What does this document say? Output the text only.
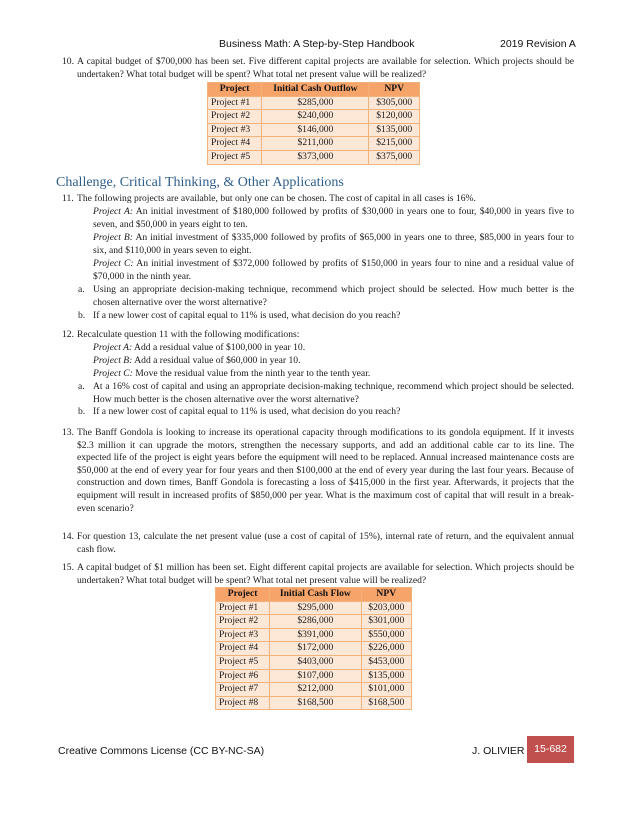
Business Math: A Step-by-Step Handbook	2019 Revision A
10. A capital budget of $700,000 has been set. Five different capital projects are available for selection. Which projects should be undertaken? What total budget will be spent? What total net present value will be realized?
Project	Initial Cash Outflow	NPV
Project #1	$285,000	$305,000
Project #2	$240,000	$120,000
Project #3	$146,000	$135,000
Project #4	$211,000	$215,000
Project #5	$373,000	$375,000
Challenge, Critical Thinking, & Other Applications
11. The following projects are available, but only one can be chosen. The cost of capital in all cases is 16%.
Project A: An initial investment of $180,000 followed by profits of $30,000 in years one to four, $40,000 in years five to seven, and $50,000 in years eight to ten.
Project B: An initial investment of $335,000 followed by profits of $65,000 in years one to three, $85,000 in years four to six, and $110,000 in years seven to eight.
Project C: An initial investment of $372,000 followed by profits of $150,000 in years four to nine and a residual value of $70,000 in the ninth year.
a. Using an appropriate decision-making technique, recommend which project should be selected. How much better is the chosen alternative over the worst alternative?
b. If a new lower cost of capital equal to 11% is used, what decision do you reach?
12. Recalculate question 11 with the following modifications:
Project A: Add a residual value of $100,000 in year 10.
Project B: Add a residual value of $60,000 in year 10.
Project C: Move the residual value from the ninth year to the tenth year.
a. At a 16% cost of capital and using an appropriate decision-making technique, recommend which project should be selected. How much better is the chosen alternative over the worst alternative?
b. If a new lower cost of capital equal to 11% is used, what decision do you reach?
13. The Banff Gondola is looking to increase its operational capacity through modifications to its gondola equipment. If it invests $2.3 million it can upgrade the motors, strengthen the necessary supports, and add an additional cable car to its line. The expected life of the project is eight years before the equipment will need to be replaced. Annual increased maintenance costs are $50,000 at the end of every year for four years and then $100,000 at the end of every year during the last four years. Because of construction and down times, Banff Gondola is forecasting a loss of $415,000 in the first year. Afterwards, it projects that the equipment will result in increased profits of $850,000 per year. What is the maximum cost of capital that will result in a break-even scenario?
14. For question 13, calculate the net present value (use a cost of capital of 15%), internal rate of return, and the equivalent annual cash flow.
15. A capital budget of $1 million has been set. Eight different capital projects are available for selection. Which projects should be undertaken? What total budget will be spent? What total net present value will be realized?
Project	Initial Cash Flow	NPV
Project #1	$295,000	$203,000
Project #2	$286,000	$301,000
Project #3	$391,000	$550,000
Project #4	$172,000	$226,000
Project #5	$403,000	$453,000
Project #6	$107,000	$135,000
Project #7	$212,000	$101,000
Project #8	$168,500	$168,500
Creative Commons License (CC BY-NC-SA)	J. OLIVIER 15-682
